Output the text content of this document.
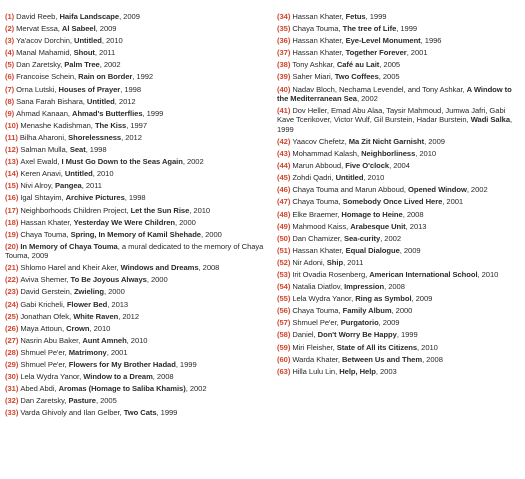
(1) David Reeb, Haifa Landscape, 2009
(2) Mervat Essa, Al Sabeel, 2009
(3) Ya'acov Dorchin, Untitled, 2010
(4) Manal Mahamid, Shout, 2011
(5) Dan Zaretsky, Palm Tree, 2002
(6) Francoise Schein, Rain on Border, 1992
(7) Orna Lutski, Houses of Prayer, 1998
(8) Sana Farah Bishara, Untitled, 2012
(9) Ahmad Kanaan, Ahmad's Butterflies, 1999
(10) Menashe Kadishman, The Kiss, 1997
(11) Bilha Aharoni, Shorelessness, 2012
(12) Salman Mulla, Seat, 1998
(13) Axel Ewald, I Must Go Down to the Seas Again, 2002
(14) Keren Anavi, Untitled, 2010
(15) Nivi Alroy, Pangea, 2011
(16) Igal Shtayim, Archive Pictures, 1998
(17) Neighborhoods Children Project, Let the Sun Rise, 2010
(18) Hassan Khater, Yesterday We Were Children, 2000
(19) Chaya Touma, Spring, In Memory of Kamil Shehade, 2000
(20) In Memory of Chaya Touma, a mural dedicated to the memory of Chaya Touma, 2009
(21) Shlomo Harel and Kheir Aker, Windows and Dreams, 2008
(22) Aviva Shemer, To Be Joyous Always, 2000
(23) David Gerstein, Zwieling, 2000
(24) Gabi Kricheli, Flower Bed, 2013
(25) Jonathan Ofek, White Raven, 2012
(26) Maya Attoun, Crown, 2010
(27) Nasrin Abu Baker, Aunt Amneh, 2010
(28) Shmuel Pe'er, Matrimony, 2001
(29) Shmuel Pe'er, Flowers for My Brother Hadad, 1999
(30) Lela Wydra Yanor, Window to a Dream, 2008
(31) Abed Abdi, Aromas (Homage to Saliba Khamis), 2002
(32) Dan Zaretsky, Pasture, 2005
(33) Varda Ghivoly and Ilan Gelber, Two Cats, 1999
(34) Hassan Khater, Fetus, 1999
(35) Chaya Touma, The tree of Life, 1999
(36) Hassan Khater, Eye-Level Monument, 1996
(37) Hassan Khater, Together Forever, 2001
(38) Tony Ashkar, Café au Lait, 2005
(39) Saher Miari, Two Coffees, 2005
(40) Nadav Bloch, Nechama Levendel, and Tony Ashkar, A Window to the Mediterranean Sea, 2002
(41) Dov Heller, Emad Abu Alaa, Taysir Mahmoud, Jumwa Jafri, Gabi Kave Tcerikover, Victor Wulf, Gil Burstein, Hadar Burstein, Wadi Salka, 1999
(42) Yaacov Chefetz, Ma Zit Nicht Garnisht, 2009
(43) Mohammad Kalash, Neighborliness, 2010
(44) Marun Abboud, Five O'clock, 2004
(45) Zohdi Qadri, Untitled, 2010
(46) Chaya Touma and Marun Abboud, Opened Window, 2002
(47) Chaya Touma, Somebody Once Lived Here, 2001
(48) Elke Braemer, Homage to Heine, 2008
(49) Mahmood Kaiss, Arabesque Unit, 2013
(50) Dan Chamizer, Sea-curity, 2002
(51) Hassan Khater, Equal Dialogue, 2009
(52) Nir Adoni, Ship, 2011
(53) Irit Ovadia Rosenberg, American International School, 2010
(54) Natalia Diatlov, Impression, 2008
(55) Lela Wydra Yanor, Ring as Symbol, 2009
(56) Chaya Touma, Family Album, 2000
(57) Shmuel Pe'er, Purgatorio, 2009
(58) Daniel, Don't Worry Be Happy, 1999
(59) Miri Fleisher, State of All its Citizens, 2010
(60) Warda Khater, Between Us and Them, 2008
(63) Hilla Lulu Lin, Help, Help, 2003
